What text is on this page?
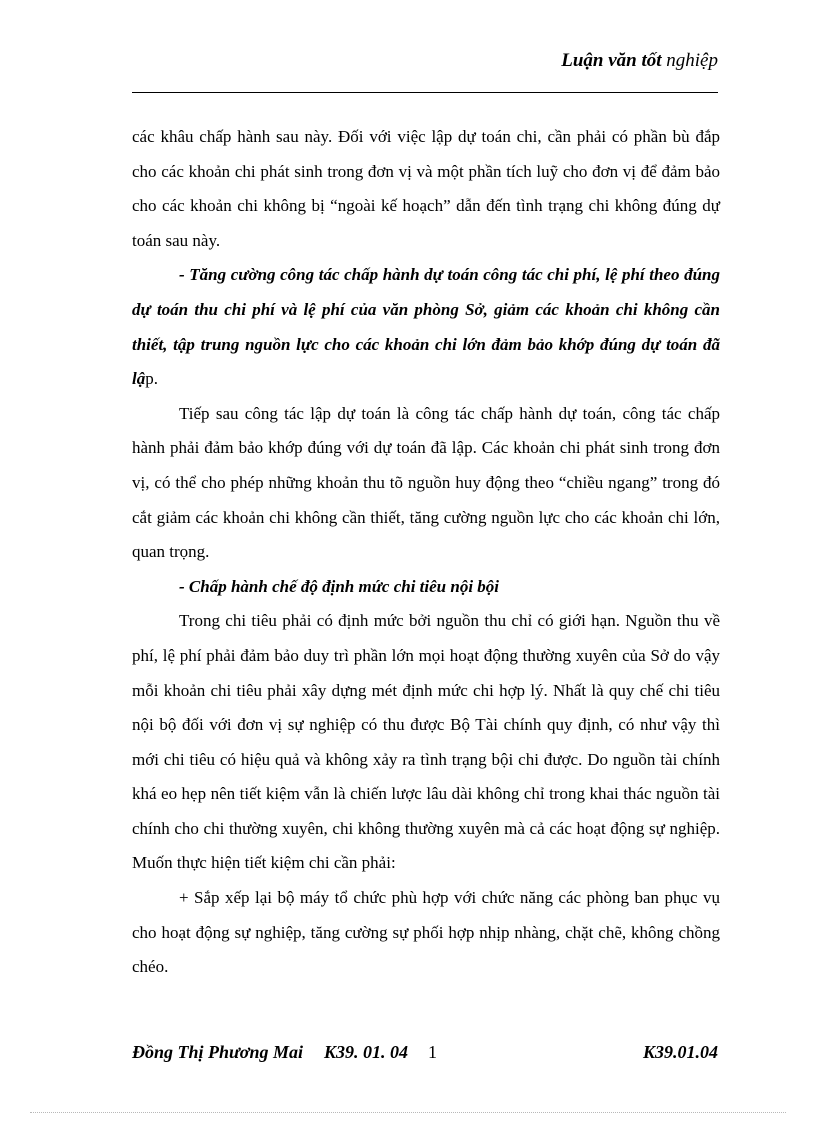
Luận văn tốt nghiệp

các khâu chấp hành sau này. Đối với việc lập dự toán chi, cần phải có phần bù đắp cho các khoản chi phát sinh trong đơn vị và một phần tích luỹ cho đơn vị để đảm bảo cho các khoản chi không bị “ngoài kế hoạch” dẫn đến tình trạng chi không đúng dự toán sau này.

- Tăng cường công tác chấp hành dự toán công tác chi phí, lệ phí theo đúng dự toán thu chi phí và lệ phí của văn phòng Sở, giảm các khoản chi không cần thiết, tập trung nguồn lực cho các khoản chi lớn đảm bảo khớp đúng dự toán đã lập.

Tiếp sau công tác lập dự toán là công tác chấp hành dự toán, công tác chấp hành phải đảm bảo khớp đúng với dự toán đã lập. Các khoản chi phát sinh trong đơn vị, có thể cho phép những khoản thu tõ nguồn huy động theo “chiều ngang” trong đó cắt giảm các khoản chi không cần thiết, tăng cường nguồn lực cho các khoản chi lớn, quan trọng.

- Chấp hành chế độ định mức chi tiêu nội bội

Trong chi tiêu phải có định mức bởi nguồn thu chỉ có giới hạn. Nguồn thu về phí, lệ phí phải đảm bảo duy trì phần lớn mọi hoạt động thường xuyên của Sở do vậy mỗi khoản chi tiêu phải xây dựng mét định mức chi hợp lý. Nhất là quy chế chi tiêu nội bộ đối với đơn vị sự nghiệp có thu được Bộ Tài chính quy định, có như vậy thì mới chi tiêu có hiệu quả và không xảy ra tình trạng bội chi được. Do nguồn tài chính khá eo hẹp nên tiết kiệm vẫn là chiến lược lâu dài không chỉ trong khai thác nguồn tài chính cho chi thường xuyên, chi không thường xuyên mà cả các hoạt động sự nghiệp. Muốn thực hiện tiết kiệm chi cần phải:

+ Sắp xếp lại bộ máy tổ chức phù hợp với chức năng các phòng ban phục vụ cho hoạt động sự nghiệp, tăng cường sự phối hợp nhịp nhàng, chặt chẽ, không chồng chéo.

Đồng Thị Phương Mai K39. 01. 04 1	K39.01.04
